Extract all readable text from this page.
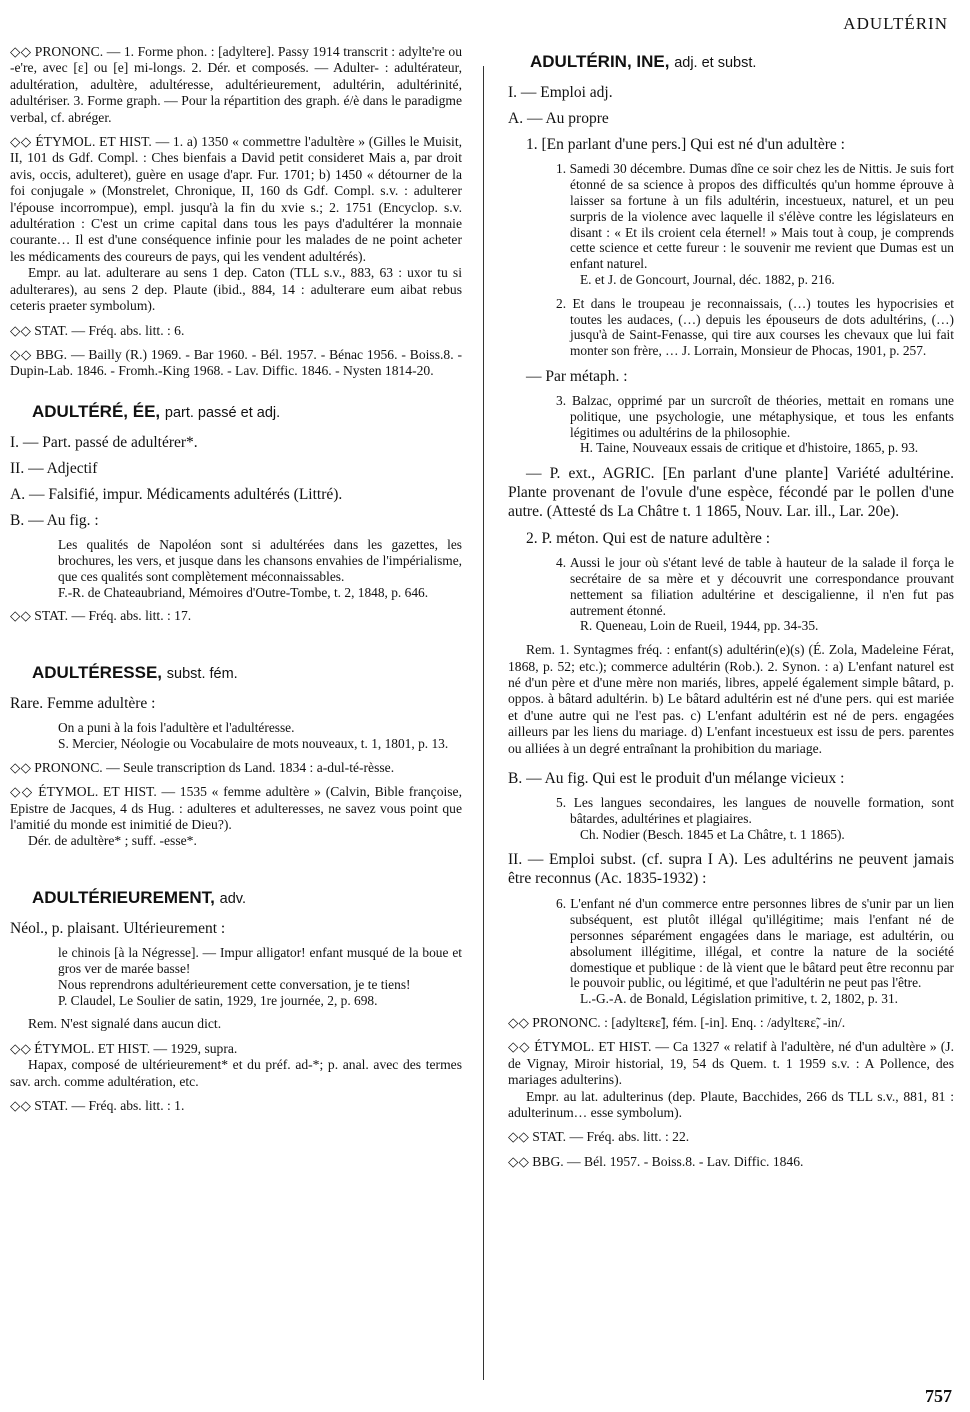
ADULTÉRIN

◇◇ PRONONC. — 1. Forme phon. : [adyltere]. Passy 1914 transcrit : adylte're ou -e're, avec [ɛ] ou [e] mi-longs. 2. Dér. et composés. — Adulter- : adultérateur, adultération, adultère, adultéresse, adultérieurement, adultérin, adultérinité, adultériser. 3. Forme graph. — Pour la répartition des graph. é/è dans le paradigme verbal, cf. abréger.

◇◇ ÉTYMOL. ET HIST. — 1. a) 1350 « commettre l'adultère » (Gilles le Muisit, II, 101 ds Gdf. Compl. : Ches bienfais a David petit consideret Mais a, par droit avis, occis, adulteret), guère en usage d'apr. Fur. 1701; b) 1450 « détourner de la foi conjugale » (Monstrelet, Chronique, II, 160 ds Gdf. Compl. s.v. : adulterer l'épouse incorrompue), empl. jusqu'à la fin du xvie s.; 2. 1751 (Encyclop. s.v. adultération : C'est un crime capital dans tous les pays d'adultérer la monnaie courante… Il est d'une conséquence infinie pour les malades de ne point acheter les médicaments des coureurs de pays, qui les vendent adultérés).

Empr. au lat. adulterare au sens 1 dep. Caton (TLL s.v., 883, 63 : uxor tu si adulterares), au sens 2 dep. Plaute (ibid., 884, 14 : adulterare eum aibat rebus ceteris praeter symbolum).

◇◇ STAT. — Fréq. abs. litt. : 6.

◇◇ BBG. — Bailly (R.) 1969. - Bar 1960. - Bél. 1957. - Bénac 1956. - Boiss.8. - Dupin-Lab. 1846. - Fromh.-King 1968. - Lav. Diffic. 1846. - Nysten 1814-20.

ADULTÉRÉ, ÉE, part. passé et adj.

I. — Part. passé de adultérer*.

II. — Adjectif

A. — Falsifié, impur. Médicaments adultérés (Littré).

B. — Au fig. :

Les qualités de Napoléon sont si adultérées dans les gazettes, les brochures, les vers, et jusque dans les chansons envahies de l'impérialisme, que ces qualités sont complètement méconnaissables.

F.-R. de Chateaubriand, Mémoires d'Outre-Tombe, t. 2, 1848, p. 646.

◇◇ STAT. — Fréq. abs. litt. : 17.

ADULTÉRESSE, subst. fém.

Rare. Femme adultère :

On a puni à la fois l'adultère et l'adultéresse.

S. Mercier, Néologie ou Vocabulaire de mots nouveaux, t. 1, 1801, p. 13.

◇◇ PRONONC. — Seule transcription ds Land. 1834 : a-dul-té-rèsse.

◇◇ ÉTYMOL. ET HIST. — 1535 « femme adultère » (Calvin, Bible françoise, Epistre de Jacques, 4 ds Hug. : adulteres et adulteresses, ne savez vous point que l'amitié du monde est inimitié de Dieu?).

Dér. de adultère* ; suff. -esse*.

ADULTÉRIEUREMENT, adv.

Néol., p. plaisant. Ultérieurement :

le chinois [à la Négresse]. — Impur alligator! enfant musqué de la boue et gros ver de marée basse!

Nous reprendrons adultérieurement cette conversation, je te tiens!

P. Claudel, Le Soulier de satin, 1929, 1re journée, 2, p. 698.

Rem. N'est signalé dans aucun dict.

◇◇ ÉTYMOL. ET HIST. — 1929, supra.

Hapax, composé de ultérieurement* et du préf. ad-*; p. anal. avec des termes sav. arch. comme adultération, etc.

◇◇ STAT. — Fréq. abs. litt. : 1.

ADULTÉRIN, INE, adj. et subst.

I. — Emploi adj.

A. — Au propre

1. [En parlant d'une pers.] Qui est né d'un adultère :

1. Samedi 30 décembre. Dumas dîne ce soir chez les de Nittis. Je suis fort étonné de sa science à propos des difficultés qu'un homme éprouve à laisser sa fortune à un fils adultérin, incestueux, naturel, et un peu surpris de la violence avec laquelle il s'élève contre les législateurs en disant : « Et ils croient cela éternel! » Mais tout à coup, je comprends cette science et cette fureur : le souvenir me revient que Dumas est un enfant naturel.

E. et J. de Goncourt, Journal, déc. 1882, p. 216.

2. Et dans le troupeau je reconnaissais, (…) toutes les hypocrisies et toutes les audaces, (…) depuis les épouseurs de dots adultérins, (…) jusqu'à de Saint-Fenasse, qui tire aux courses les chevaux que lui fait monter son frère, … J. Lorrain, Monsieur de Phocas, 1901, p. 257.

— Par métaph. :

3. Balzac, opprimé par un surcroît de théories, mettait en romans une politique, une psychologie, une métaphysique, et tous les enfants légitimes ou adultérins de la philosophie.

H. Taine, Nouveaux essais de critique et d'histoire, 1865, p. 93.

— P. ext., AGRIC. [En parlant d'une plante] Variété adultérine. Plante provenant de l'ovule d'une espèce, fécondé par le pollen d'une autre. (Attesté ds La Châtre t. 1 1865, Nouv. Lar. ill., Lar. 20e).

2. P. méton. Qui est de nature adultère :

4. Aussi le jour où s'étant levé de table à hauteur de la salade il força le secrétaire de sa mère et y découvrit une correspondance prouvant nettement sa filiation adultérine et descigalienne, il n'en fut pas autrement étonné.

R. Queneau, Loin de Rueil, 1944, pp. 34-35.

Rem. 1. Syntagmes fréq. : enfant(s) adultérin(e)(s) (É. Zola, Madeleine Férat, 1868, p. 52; etc.); commerce adultérin (Rob.). 2. Synon. : a) L'enfant naturel est né d'un père et d'une mère non mariés, libres, appelé également simple bâtard, p. oppos. à bâtard adultérin. b) Le bâtard adultérin est né d'une pers. qui est mariée et d'une autre qui ne l'est pas. c) L'enfant adultérin est né de pers. engagées ailleurs par les liens du mariage. d) L'enfant incestueux est issu de pers. parentes ou alliées à un degré entraînant la prohibition du mariage.

B. — Au fig. Qui est le produit d'un mélange vicieux :

5. Les langues secondaires, les langues de nouvelle formation, sont bâtardes, adultérines et plagiaires.

Ch. Nodier (Besch. 1845 et La Châtre, t. 1 1865).

II. — Emploi subst. (cf. supra I A). Les adultérins ne peuvent jamais être reconnus (Ac. 1835-1932) :

6. L'enfant né d'un commerce entre personnes libres de s'unir par un lien subséquent, est plutôt illégal qu'illégitime; mais l'enfant né de personnes séparément engagées dans le mariage, est adultérin, ou absolument illégitime, illégal, et contre la nature de la société domestique et publique : de là vient que le bâtard peut être reconnu par le pouvoir public, ou légitimé, et que l'adultérin ne peut pas l'être.

L.-G.-A. de Bonald, Législation primitive, t. 2, 1802, p. 31.

◇◇ PRONONC. : [adyltɛʀɛ̃], fém. [-in]. Enq. : /adyltɛʀɛ̃, -in/.

◇◇ ÉTYMOL. ET HIST. — Ca 1327 « relatif à l'adultère, né d'un adultère » (J. de Vignay, Miroir historial, 19, 54 ds Quem. t. 1 1959 s.v. : A Pollence, des mariages adulterins).

Empr. au lat. adulterinus (dep. Plaute, Bacchides, 266 ds TLL s.v., 881, 81 : adulterinum… esse symbolum).

◇◇ STAT. — Fréq. abs. litt. : 22.

◇◇ BBG. — Bél. 1957. - Boiss.8. - Lav. Diffic. 1846.

757
